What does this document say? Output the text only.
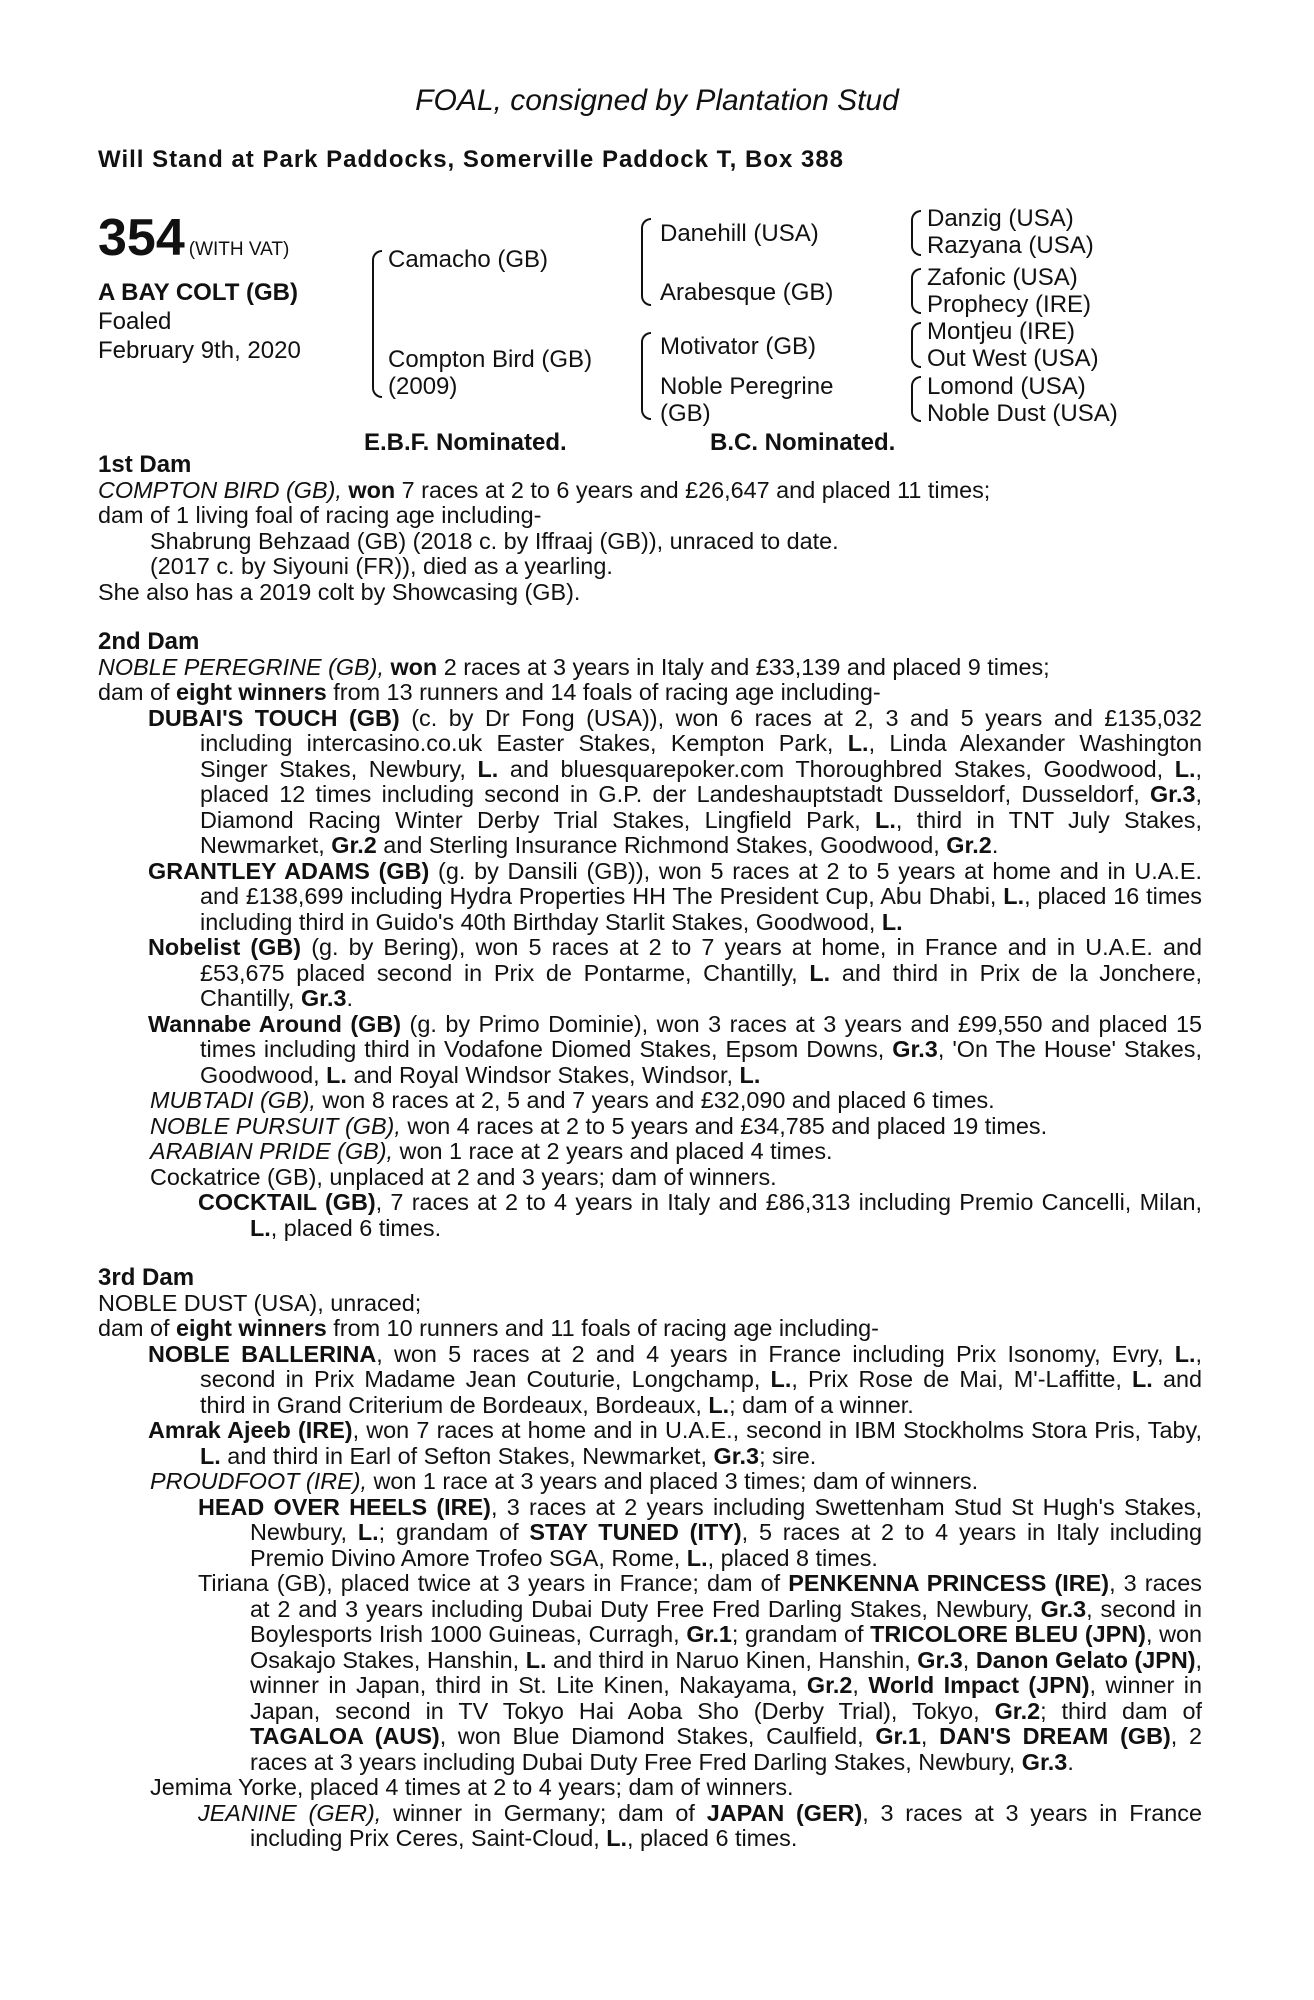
FOAL, consigned by Plantation Stud
Will Stand at Park Paddocks, Somerville Paddock T, Box 388
354 (WITH VAT)
A BAY COLT (GB)
Foaled
February 9th, 2020
Camacho (GB)
Compton Bird (GB)
(2009)
Danehill (USA)
Arabesque (GB)
Motivator (GB)
Noble Peregrine
(GB)
Danzig (USA)
Razyana (USA)
Zafonic (USA)
Prophecy (IRE)
Montjeu (IRE)
Out West (USA)
Lomond (USA)
Noble Dust (USA)
E.B.F. Nominated.	B.C. Nominated.
1st Dam

COMPTON BIRD (GB), won 7 races at 2 to 6 years and £26,647 and placed 11 times;

dam of 1 living foal of racing age including-

Shabrung Behzaad (GB) (2018 c. by Iffraaj (GB)), unraced to date.

(2017 c. by Siyouni (FR)), died as a yearling.

She also has a 2019 colt by Showcasing (GB).

2nd Dam

NOBLE PEREGRINE (GB), won 2 races at 3 years in Italy and £33,139 and placed 9 times;

dam of eight winners from 13 runners and 14 foals of racing age including-

DUBAI'S TOUCH (GB) (c. by Dr Fong (USA)), won 6 races at 2, 3 and 5 years and £135,032 including intercasino.co.uk Easter Stakes, Kempton Park, L., Linda Alexander Washington Singer Stakes, Newbury, L. and bluesquarepoker.com Thoroughbred Stakes, Goodwood, L., placed 12 times including second in G.P. der Landeshauptstadt Dusseldorf, Dusseldorf, Gr.3, Diamond Racing Winter Derby Trial Stakes, Lingfield Park, L., third in TNT July Stakes, Newmarket, Gr.2 and Sterling Insurance Richmond Stakes, Goodwood, Gr.2.

GRANTLEY ADAMS (GB) (g. by Dansili (GB)), won 5 races at 2 to 5 years at home and in U.A.E. and £138,699 including Hydra Properties HH The President Cup, Abu Dhabi, L., placed 16 times including third in Guido's 40th Birthday Starlit Stakes, Goodwood, L.

Nobelist (GB) (g. by Bering), won 5 races at 2 to 7 years at home, in France and in U.A.E. and £53,675 placed second in Prix de Pontarme, Chantilly, L. and third in Prix de la Jonchere, Chantilly, Gr.3.

Wannabe Around (GB) (g. by Primo Dominie), won 3 races at 3 years and £99,550 and placed 15 times including third in Vodafone Diomed Stakes, Epsom Downs, Gr.3, 'On The House' Stakes, Goodwood, L. and Royal Windsor Stakes, Windsor, L.

MUBTADI (GB), won 8 races at 2, 5 and 7 years and £32,090 and placed 6 times.

NOBLE PURSUIT (GB), won 4 races at 2 to 5 years and £34,785 and placed 19 times.

ARABIAN PRIDE (GB), won 1 race at 2 years and placed 4 times.

Cockatrice (GB), unplaced at 2 and 3 years; dam of winners.

COCKTAIL (GB), 7 races at 2 to 4 years in Italy and £86,313 including Premio Cancelli, Milan, L., placed 6 times.

3rd Dam

NOBLE DUST (USA), unraced;

dam of eight winners from 10 runners and 11 foals of racing age including-

NOBLE BALLERINA, won 5 races at 2 and 4 years in France including Prix Isonomy, Evry, L., second in Prix Madame Jean Couturie, Longchamp, L., Prix Rose de Mai, M'-Laffitte, L. and third in Grand Criterium de Bordeaux, Bordeaux, L.; dam of a winner.

Amrak Ajeeb (IRE), won 7 races at home and in U.A.E., second in IBM Stockholms Stora Pris, Taby, L. and third in Earl of Sefton Stakes, Newmarket, Gr.3; sire.

PROUDFOOT (IRE), won 1 race at 3 years and placed 3 times; dam of winners.

HEAD OVER HEELS (IRE), 3 races at 2 years including Swettenham Stud St Hugh's Stakes, Newbury, L.; grandam of STAY TUNED (ITY), 5 races at 2 to 4 years in Italy including Premio Divino Amore Trofeo SGA, Rome, L., placed 8 times.

Tiriana (GB), placed twice at 3 years in France; dam of PENKENNA PRINCESS (IRE), 3 races at 2 and 3 years including Dubai Duty Free Fred Darling Stakes, Newbury, Gr.3, second in Boylesports Irish 1000 Guineas, Curragh, Gr.1; grandam of TRICOLORE BLEU (JPN), won Osakajo Stakes, Hanshin, L. and third in Naruo Kinen, Hanshin, Gr.3, Danon Gelato (JPN), winner in Japan, third in St. Lite Kinen, Nakayama, Gr.2, World Impact (JPN), winner in Japan, second in TV Tokyo Hai Aoba Sho (Derby Trial), Tokyo, Gr.2; third dam of TAGALOA (AUS), won Blue Diamond Stakes, Caulfield, Gr.1, DAN'S DREAM (GB), 2 races at 3 years including Dubai Duty Free Fred Darling Stakes, Newbury, Gr.3.

Jemima Yorke, placed 4 times at 2 to 4 years; dam of winners.

JEANINE (GER), winner in Germany; dam of JAPAN (GER), 3 races at 3 years in France including Prix Ceres, Saint-Cloud, L., placed 6 times.
